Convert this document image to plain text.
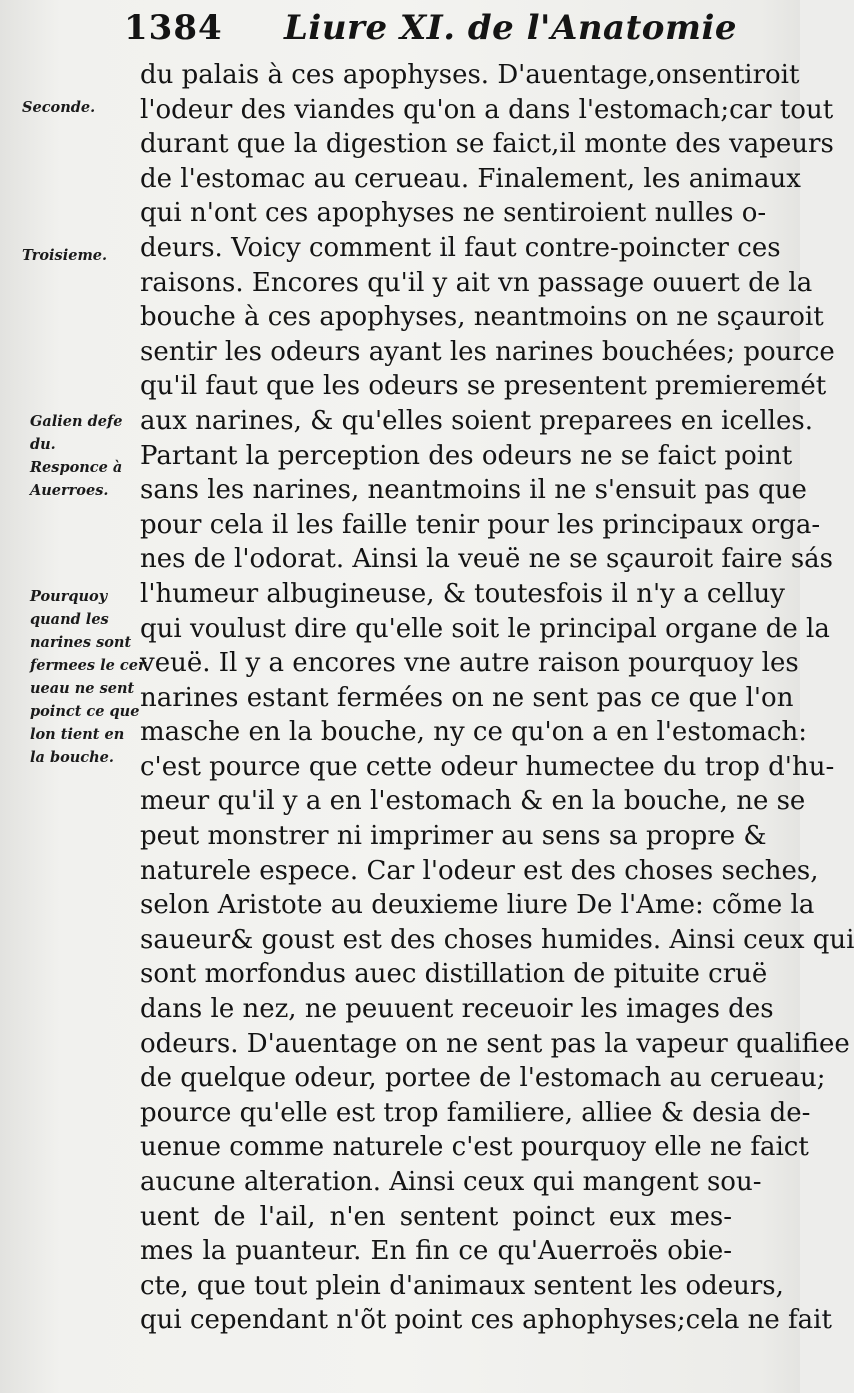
1384 Liure XI. de l'Anatomie
Seconde.
Troisieme.
Galien defe
du.
Responce à
Auerroes.
Pourquoy
quand les
narines sont
fermees le cer
ueau ne sent
poinct ce que
lon tient en
la bouche.
du palais à ces apophyses. D'auentage,onsentiroit
l'odeur des viandes qu'on a dans l'estomach;car tout
durant que la digestion se faict,il monte des vapeurs
de l'estomac au cerueau. Finalement, les animaux
qui n'ont ces apophyses ne sentiroient nulles o-
deurs. Voicy comment il faut contre-poincter ces
raisons. Encores qu'il y ait vn passage ouuert de la
bouche à ces apophyses, neantmoins on ne sçauroit
sentir les odeurs ayant les narines bouchées; pource
qu'il faut que les odeurs se presentent premieremét
aux narines, & qu'elles soient preparees en icelles.
Partant la perception des odeurs ne se faict point
sans les narines, neantmoins il ne s'ensuit pas que
pour cela il les faille tenir pour les principaux orga-
nes de l'odorat. Ainsi la veuë ne se sçauroit faire sás
l'humeur albugineuse, & toutesfois il n'y a celluy
qui voulust dire qu'elle soit le principal organe de la
veuë. Il y a encores vne autre raison pourquoy les
narines estant fermées on ne sent pas ce que l'on
masche en la bouche, ny ce qu'on a en l'estomach:
c'est pource que cette odeur humectee du trop d'hu-
meur qu'il y a en l'estomach & en la bouche, ne se
peut monstrer ni imprimer au sens sa propre &
naturele espece. Car l'odeur est des choses seches,
selon Aristote au deuxieme liure De l'Ame: cõme la
saueur& goust est des choses humides. Ainsi ceux qui
sont morfondus auec distillation de pituite cruë
dans le nez, ne peuuent receuoir les images des
odeurs. D'auentage on ne sent pas la vapeur qualifiee
de quelque odeur, portee de l'estomach au cerueau;
pource qu'elle est trop familiere, alliee & desia de-
uenue comme naturele c'est pourquoy elle ne faict
aucune alteration. Ainsi ceux qui mangent sou-
uent de l'ail, n'en sentent poinct eux mes-
mes la puanteur. En fin ce qu'Auerroës obie-
cte, que tout plein d'animaux sentent les odeurs,
qui cependant n'õt point ces aphophyses;cela ne fait
